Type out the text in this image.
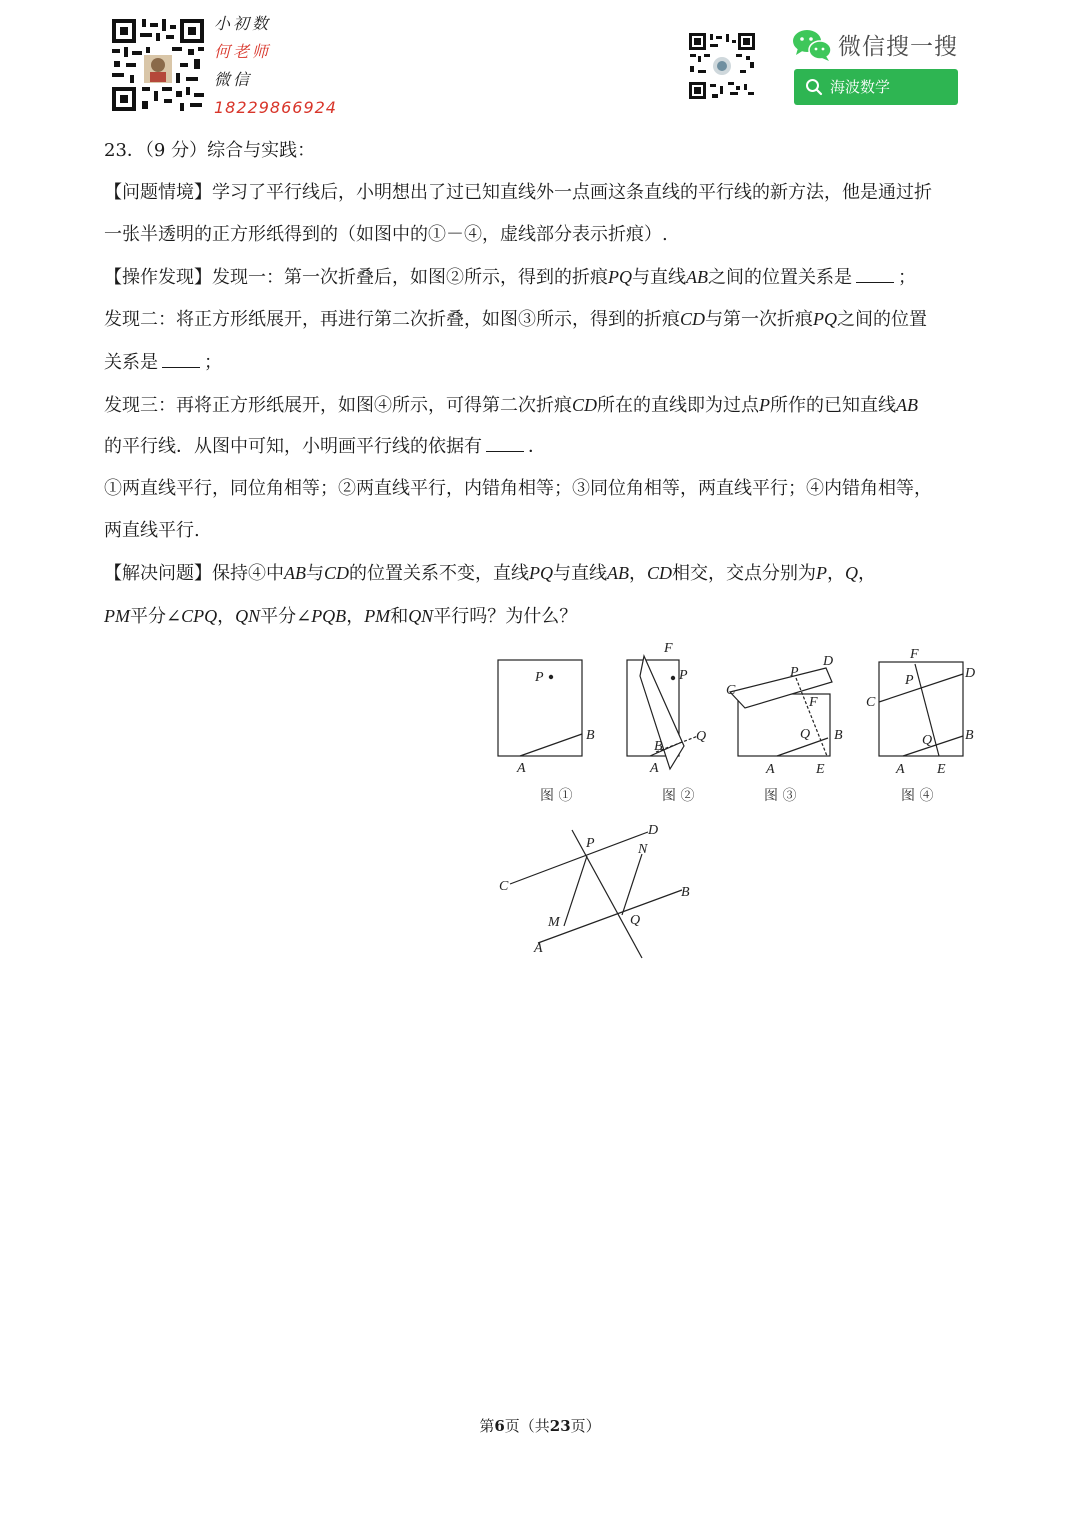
小初数
何老师
微信
18229866924
微信搜一搜
海波数学
23．（9 分）综合与实践：
【问题情境】学习了平行线后，小明想出了过已知直线外一点画这条直线的平行线的新方法，他是通过折
一张半透明的正方形纸得到的（如图中的①－④，虚线部分表示折痕）.
【操作发现】发现一：第一次折叠后，如图②所示，得到的折痕PQ与直线AB之间的位置关系是	；
发现二：将正方形纸展开，再进行第二次折叠，如图③所示，得到的折痕CD与第一次折痕PQ之间的位置
关系是	；
发现三：再将正方形纸展开，如图④所示，可得第二次折痕CD所在的直线即为过点P所作的已知直线AB
的平行线．从图中可知，小明画平行线的依据有	．
①两直线平行，同位角相等；②两直线平行，内错角相等；③同位角相等，两直线平行；④内错角相等，
两直线平行.
【解决问题】保持④中AB与CD的位置关系不变，直线PQ与直线AB，CD相交，交点分别为P，Q，
PM平分∠CPQ，QN平分∠PQB，PM和QN平行吗？为什么？
P
B
A
F
P
Q
B
A
D
P
C
F
Q B
A	E
F
D
P
C
Q B
A E
D
P	N
C	B
M	Q
A
图 ①	图 ②	图 ③	图 ④
第6页（共23页）
